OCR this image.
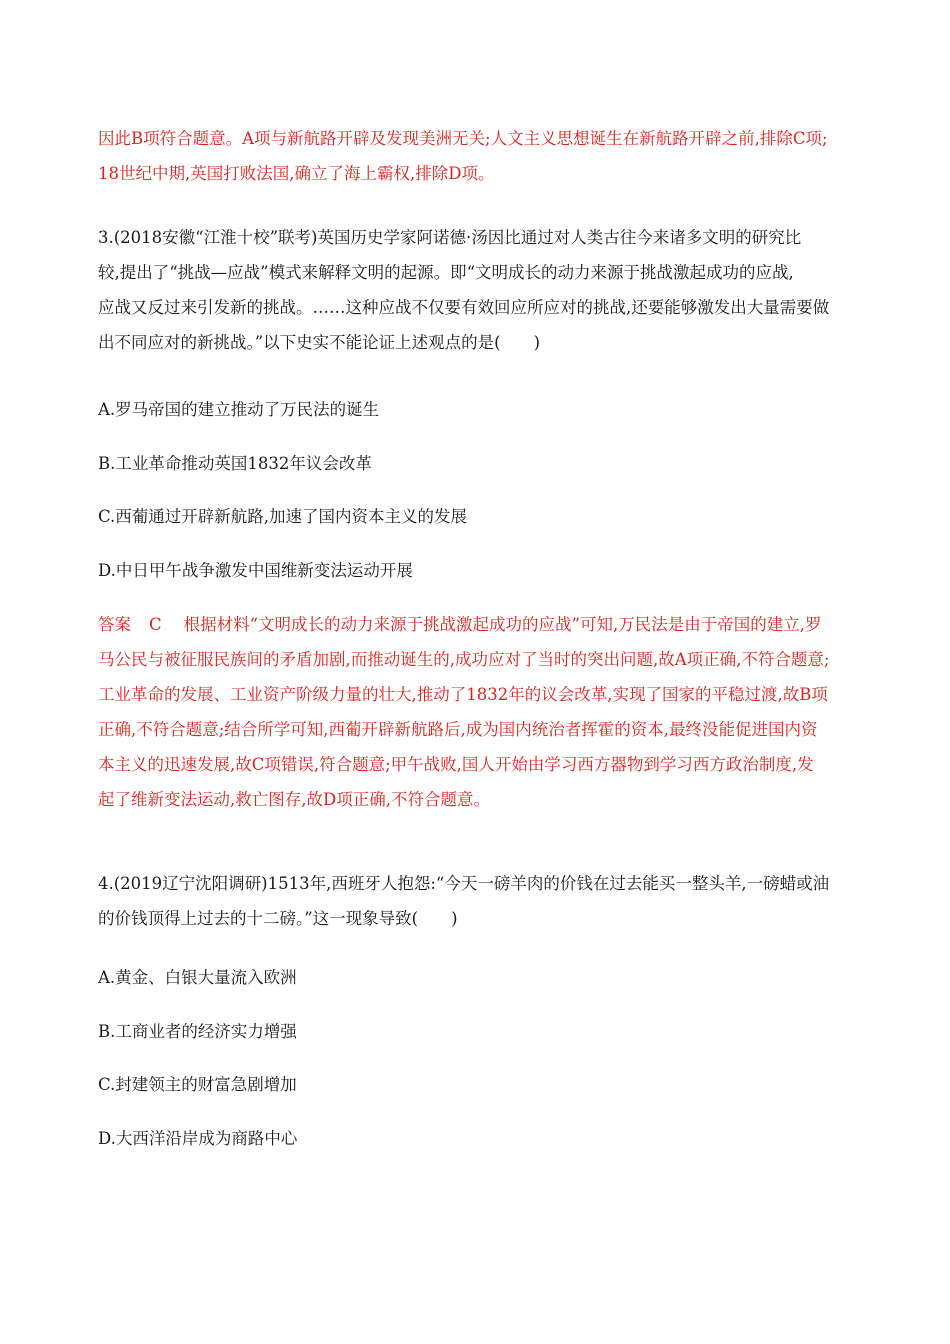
因此B项符合题意。A项与新航路开辟及发现美洲无关;人文主义思想诞生在新航路开辟之前,排除C项;
18世纪中期,英国打败法国,确立了海上霸权,排除D项。
3.(2018安徽“江淮十校”联考)英国历史学家阿诺德·汤因比通过对人类古往今来诸多文明的研究比
较,提出了“挑战—应战”模式来解释文明的起源。即“文明成长的动力来源于挑战激起成功的应战,
应战又反过来引发新的挑战。……这种应战不仅要有效回应所应对的挑战,还要能够激发出大量需要做
出不同应对的新挑战。”以下史实不能论证上述观点的是(　　)
A.罗马帝国的建立推动了万民法的诞生
B.工业革命推动英国1832年议会改革
C.西葡通过开辟新航路,加速了国内资本主义的发展
D.中日甲午战争激发中国维新变法运动开展
答案 C 根据材料“文明成长的动力来源于挑战激起成功的应战”可知,万民法是由于帝国的建立,罗
马公民与被征服民族间的矛盾加剧,而推动诞生的,成功应对了当时的突出问题,故A项正确,不符合题意;
工业革命的发展、工业资产阶级力量的壮大,推动了1832年的议会改革,实现了国家的平稳过渡,故B项
正确,不符合题意;结合所学可知,西葡开辟新航路后,成为国内统治者挥霍的资本,最终没能促进国内资
本主义的迅速发展,故C项错误,符合题意;甲午战败,国人开始由学习西方器物到学习西方政治制度,发
起了维新变法运动,救亡图存,故D项正确,不符合题意。
4.(2019辽宁沈阳调研)1513年,西班牙人抱怨:“今天一磅羊肉的价钱在过去能买一整头羊,一磅蜡或油
的价钱顶得上过去的十二磅。”这一现象导致(　　)
A.黄金、白银大量流入欧洲
B.工商业者的经济实力增强
C.封建领主的财富急剧增加
D.大西洋沿岸成为商路中心
